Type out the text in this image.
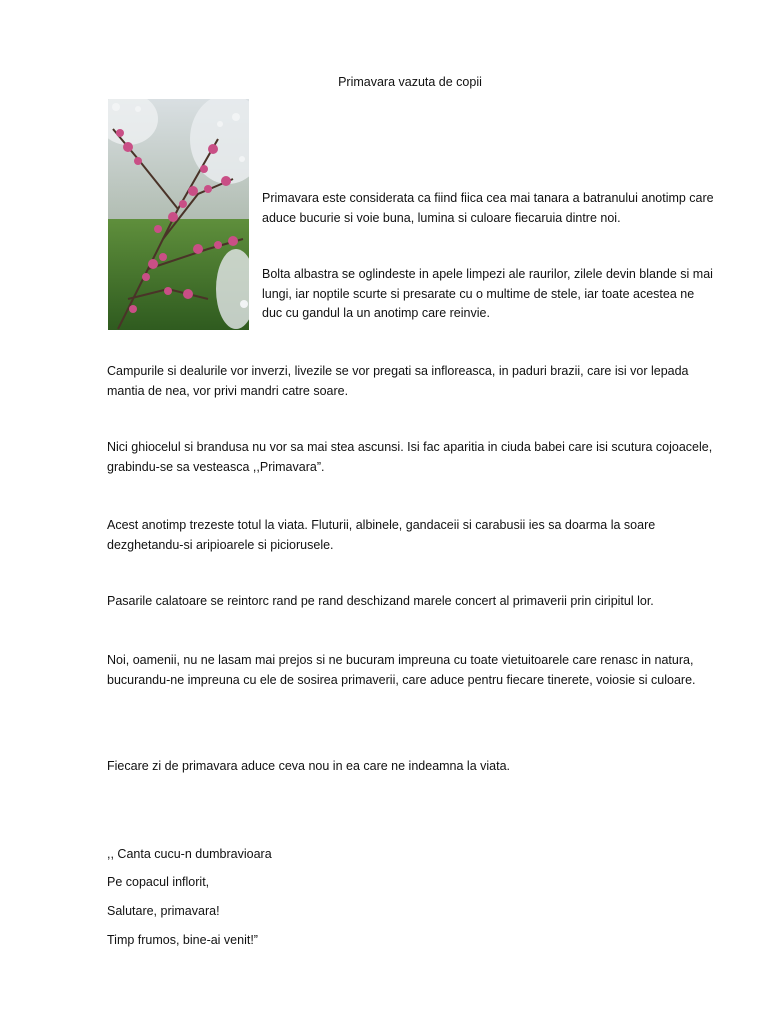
Primavara vazuta de copii

Primavara este considerata ca fiind fiica cea mai tanara a batranului anotimp care aduce bucurie si voie buna, lumina si culoare fiecaruia dintre noi.

Bolta albastra se oglindeste in apele limpezi ale raurilor, zilele devin blande si mai lungi, iar noptile scurte si presarate cu o multime de stele, iar toate acestea ne duc cu gandul la un anotimp care reinvie.

Campurile si dealurile vor inverzi, livezile se vor pregati sa infloreasca, in paduri brazii, care isi vor lepada mantia de nea, vor privi mandri catre soare.

Nici ghiocelul si brandusa nu vor sa mai stea ascunsi. Isi fac aparitia in ciuda babei care isi scutura cojoacele, grabindu-se sa vesteasca ,,Primavara”.

Acest anotimp trezeste totul la viata. Fluturii, albinele, gandaceii si carabusii ies sa doarma la soare dezghetandu-si aripioarele si piciorusele.

Pasarile calatoare se reintorc rand pe rand deschizand marele concert al primaverii prin ciripitul lor.

Noi, oamenii, nu ne lasam mai prejos si ne bucuram impreuna cu toate vietuitoarele care renasc in natura, bucurandu-ne impreuna cu ele de sosirea primaverii, care aduce pentru fiecare tinerete, voiosie si culoare.

Fiecare zi de primavara aduce ceva nou in ea care ne indeamna la viata.

,, Canta cucu-n dumbravioara

Pe copacul inflorit,

Salutare, primavara!

Timp frumos, bine-ai venit!”
